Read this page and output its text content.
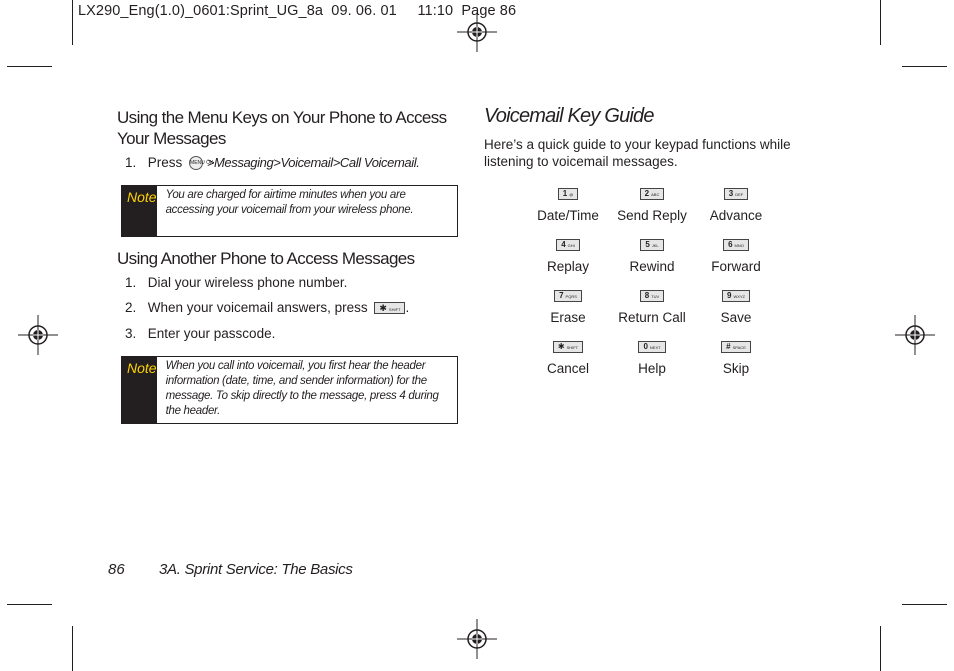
LX290_Eng(1.0)_0601:Sprint_UG_8a  09. 06. 01     11:10  Page 86
Using the Menu Keys on Your Phone to Access Your Messages
1. Press MENU OK >Messaging>Voicemail>Call Voicemail.
Note You are charged for airtime minutes when you are accessing your voicemail from your wireless phone.
Using Another Phone to Access Messages
1. Dial your wireless phone number.
2. When your voicemail answers, press ✱ SHIFT .
3. Enter your passcode.
Note When you call into voicemail, you first hear the header information (date, time, and sender information) for the message. To skip directly to the message, press 4 during the header.
Voicemail Key Guide
Here’s a quick guide to your keypad functions while listening to voicemail messages.
1 @
Date/Time
2 ABC
Send Reply
3 DEF
Advance
4 GHI
Replay
5 JKL
Rewind
6 MNO
Forward
7 PQRS
Erase
8 TUV
Return Call
9 WXYZ
Save
✱ SHIFT
Cancel
0 NEXT
Help
# SPACE
Skip
86 3A. Sprint Service: The Basics
